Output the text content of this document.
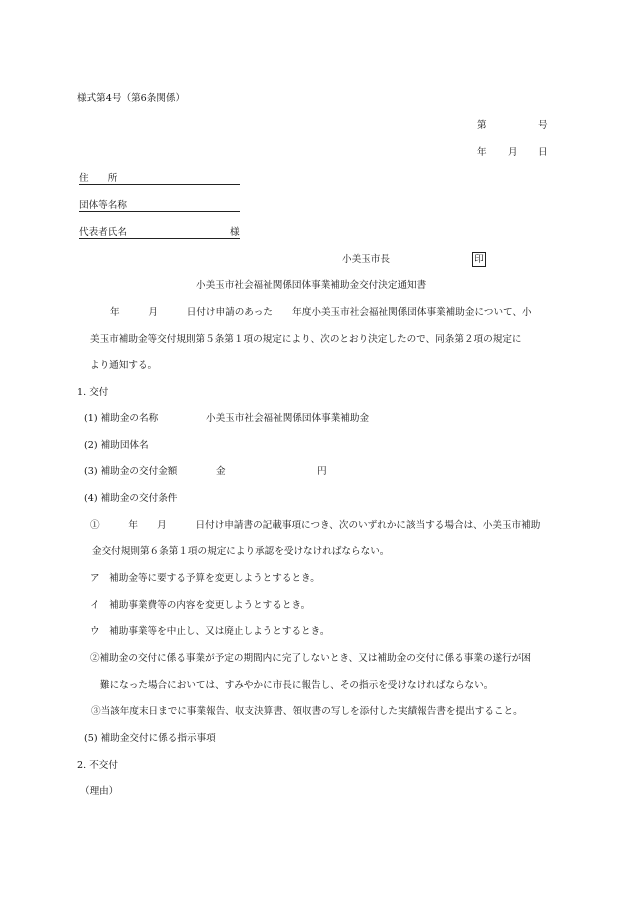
様式第4号（第6条関係）
第	号
年 月 日
住　　所
団体等名称
代表者氏名	様
小美玉市長	印
小美玉市社会福祉関係団体事業補助金交付決定通知書
年　　　月　　　日付け申請のあった　　年度小美玉市社会福祉関係団体事業補助金について、小
美玉市補助金等交付規則第５条第１項の規定により、次のとおり決定したので、同条第２項の規定に
より通知する。
1. 交付
(1) 補助金の名称	小美玉市社会福祉関係団体事業補助金
(2) 補助団体名
(3) 補助金の交付金額	金	円
(4) 補助金の交付条件
①　　　年　　月　　　日付け申請書の記載事項につき、次のいずれかに該当する場合は、小美玉市補助
金交付規則第６条第１項の規定により承認を受けなければならない。
ア　補助金等に要する予算を変更しようとするとき。
イ　補助事業費等の内容を変更しようとするとき。
ウ　補助事業等を中止し、又は廃止しようとするとき。
②補助金の交付に係る事業が予定の期間内に完了しないとき、又は補助金の交付に係る事業の遂行が困
難になった場合においては、すみやかに市長に報告し、その指示を受けなければならない。
③当該年度末日までに事業報告、収支決算書、領収書の写しを添付した実績報告書を提出すること。
(5) 補助金交付に係る指示事項
2. 不交付
（理由）
